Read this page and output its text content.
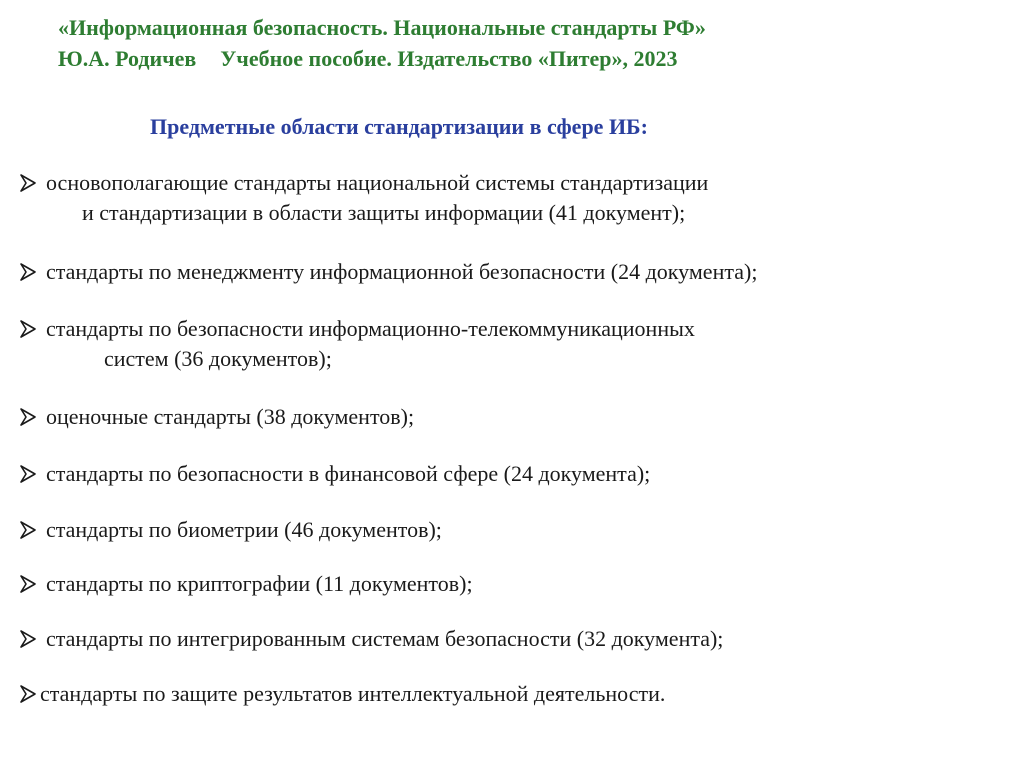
«Информационная безопасность. Национальные стандарты РФ»
Ю.А. Родичев Учебное пособие. Издательство «Питер», 2023
Предметные области стандартизации в сфере ИБ:
основополагающие стандарты национальной системы стандартизации
и стандартизации в области защиты информации (41 документ);
стандарты по менеджменту информационной безопасности (24 документа);
стандарты по безопасности информационно-телекоммуникационных
систем (36 документов);
оценочные стандарты (38 документов);
стандарты по безопасности в финансовой сфере (24 документа);
стандарты по биометрии (46 документов);
стандарты по криптографии (11 документов);
стандарты по интегрированным системам безопасности (32 документа);
стандарты по защите результатов интеллектуальной деятельности.
